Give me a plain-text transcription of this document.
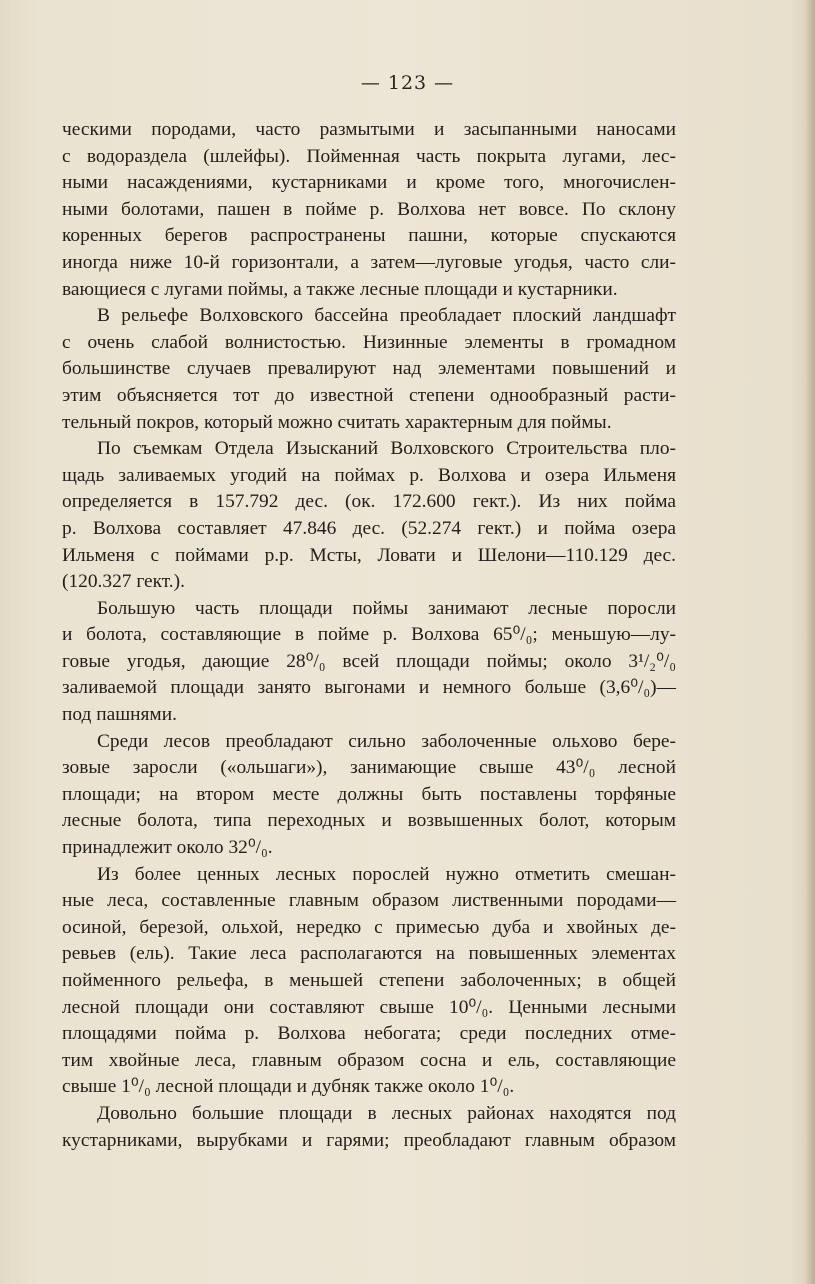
— 123 —
ческими породами, часто размытыми и засыпанными наносами
с водораздела (шлейфы). Пойменная часть покрыта лугами, лес-
ными насаждениями, кустарниками и кроме того, многочислен-
ными болотами, пашен в пойме р. Волхова нет вовсе. По склону
коренных берегов распространены пашни, которые спускаются
иногда ниже 10-й горизонтали, а затем—луговые угодья, часто сли-
вающиеся с лугами поймы, а также лесные площади и кустарники.
В рельефе Волховского бассейна преобладает плоский ландшафт
с очень слабой волнистостью. Низинные элементы в громадном
большинстве случаев превалируют над элементами повышений и
этим объясняется тот до известной степени однообразный расти-
тельный покров, который можно считать характерным для поймы.
По съемкам Отдела Изысканий Волховского Строительства пло-
щадь заливаемых угодий на поймах р. Волхова и озера Ильменя
определяется в 157.792 дес. (ок. 172.600 гект.). Из них пойма
р. Волхова составляет 47.846 дес. (52.274 гект.) и пойма озера
Ильменя с поймами р.р. Мсты, Ловати и Шелони—110.129 дес.
(120.327 гект.).
Большую часть площади поймы занимают лесные поросли
и болота, составляющие в пойме р. Волхова 65⁰/₀; меньшую—лу-
говые угодья, дающие 28⁰/₀ всей площади поймы; около 3¹/₂⁰/₀
заливаемой площади занято выгонами и немного больше (3,6⁰/₀)—
под пашнями.
Среди лесов преобладают сильно заболоченные ольхово бере-
зовые заросли («ольшаги»), занимающие свыше 43⁰/₀ лесной
площади; на втором месте должны быть поставлены торфяные
лесные болота, типа переходных и возвышенных болот, которым
принадлежит около 32⁰/₀.
Из более ценных лесных порослей нужно отметить смешан-
ные леса, составленные главным образом лиственными породами—
осиной, березой, ольхой, нередко с примесью дуба и хвойных де-
ревьев (ель). Такие леса располагаются на повышенных элементах
пойменного рельефа, в меньшей степени заболоченных; в общей
лесной площади они составляют свыше 10⁰/₀. Ценными лесными
площадями пойма р. Волхова небогата; среди последних отме-
тим хвойные леса, главным образом сосна и ель, составляющие
свыше 1⁰/₀ лесной площади и дубняк также около 1⁰/₀.
Довольно большие площади в лесных районах находятся под
кустарниками, вырубками и гарями; преобладают главным образом
